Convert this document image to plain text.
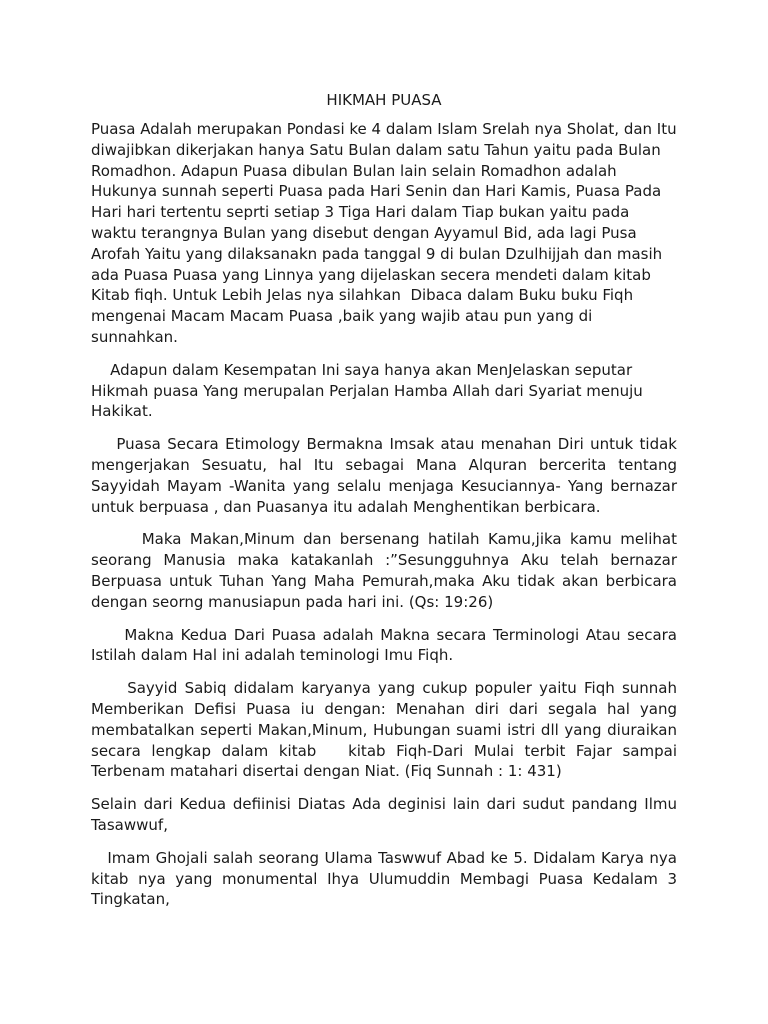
HIKMAH PUASA

Puasa Adalah merupakan Pondasi ke 4 dalam Islam Srelah nya Sholat, dan Itu diwajibkan dikerjakan hanya Satu Bulan dalam satu Tahun yaitu pada Bulan Romadhon. Adapun Puasa dibulan Bulan lain selain Romadhon adalah Hukunya sunnah seperti Puasa pada Hari Senin dan Hari Kamis, Puasa Pada Hari hari tertentu seprti setiap 3 Tiga Hari dalam Tiap bukan yaitu pada waktu terangnya Bulan yang disebut dengan Ayyamul Bid, ada lagi Pusa Arofah Yaitu yang dilaksanakn pada tanggal 9 di bulan Dzulhijjah dan masih ada Puasa Puasa yang Linnya yang dijelaskan secera mendeti dalam kitab Kitab fiqh. Untuk Lebih Jelas nya silahkan  Dibaca dalam Buku buku Fiqh mengenai Macam Macam Puasa ,baik yang wajib atau pun yang di sunnahkan.

Adapun dalam Kesempatan Ini saya hanya akan MenJelaskan seputar Hikmah puasa Yang merupalan Perjalan Hamba Allah dari Syariat menuju Hakikat.

Puasa Secara Etimology Bermakna Imsak atau menahan Diri untuk tidak mengerjakan Sesuatu, hal Itu sebagai Mana Alquran bercerita tentang Sayyidah Mayam -Wanita yang selalu menjaga Kesuciannya- Yang bernazar untuk berpuasa , dan Puasanya itu adalah Menghentikan berbicara.

Maka Makan,Minum dan bersenang hatilah Kamu,jika kamu melihat seorang Manusia maka katakanlah :”Sesungguhnya Aku telah bernazar Berpuasa untuk Tuhan Yang Maha Pemurah,maka Aku tidak akan berbicara dengan seorng manusiapun pada hari ini. (Qs: 19:26)

Makna Kedua Dari Puasa adalah Makna secara Terminologi Atau secara Istilah dalam Hal ini adalah teminologi Imu Fiqh.

Sayyid Sabiq didalam karyanya yang cukup populer yaitu Fiqh sunnah Memberikan Defisi Puasa iu dengan: Menahan diri dari segala hal yang membatalkan seperti Makan,Minum, Hubungan suami istri dll yang diuraikan secara lengkap dalam kitab   kitab Fiqh-Dari Mulai terbit Fajar sampai Terbenam matahari disertai dengan Niat. (Fiq Sunnah : 1: 431)

Selain dari Kedua defiinisi Diatas Ada deginisi lain dari sudut pandang Ilmu Tasawwuf,

Imam Ghojali salah seorang Ulama Taswwuf Abad ke 5. Didalam Karya nya kitab nya yang monumental Ihya Ulumuddin Membagi Puasa Kedalam 3 Tingkatan,
